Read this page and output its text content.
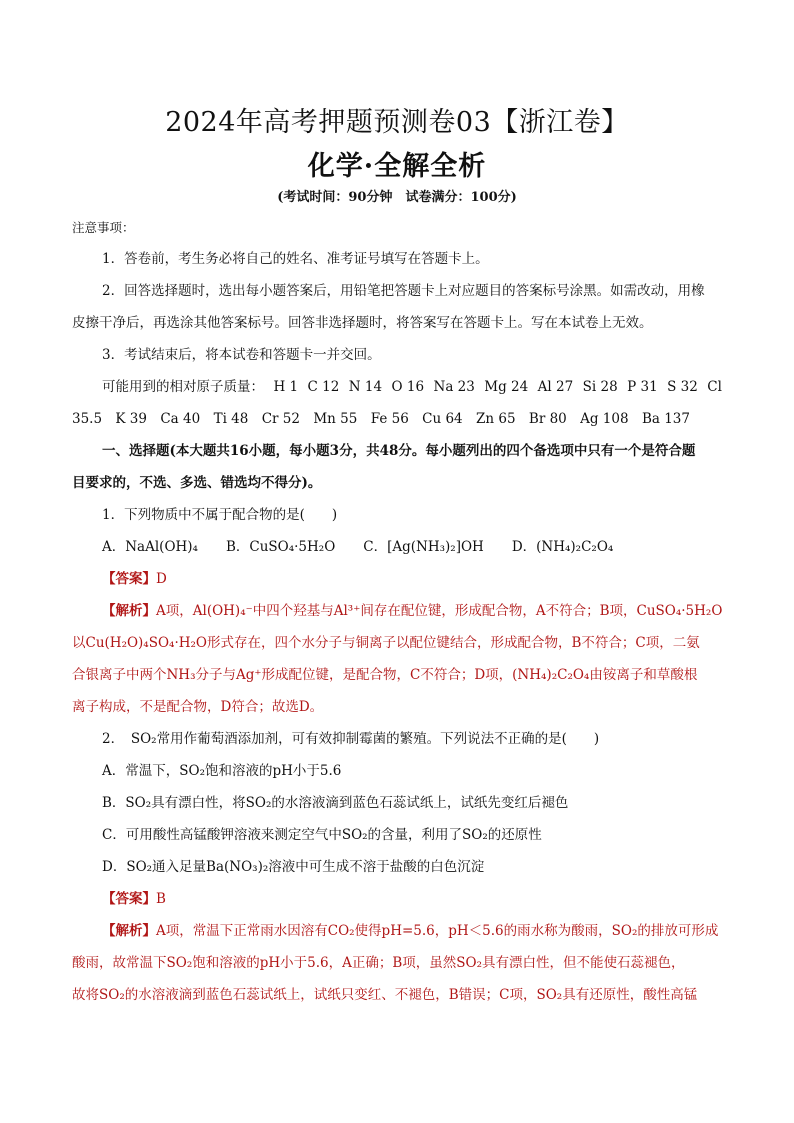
2024年高考押题预测卷03【浙江卷】
化学·全解全析
(考试时间：90分钟　试卷满分：100分)
注意事项：
1．答卷前，考生务必将自己的姓名、准考证号填写在答题卡上。
2．回答选择题时，选出每小题答案后，用铅笔把答题卡上对应题目的答案标号涂黑。如需改动，用橡
皮擦干净后，再选涂其他答案标号。回答非选择题时，将答案写在答题卡上。写在本试卷上无效。
3．考试结束后，将本试卷和答题卡一并交回。
可能用到的相对原子质量： H 1 C 12 N 14 O 16 Na 23 Mg 24 Al 27 Si 28 P 31 S 32 Cl
35.5 K 39 Ca 40 Ti 48 Cr 52 Mn 55 Fe 56 Cu 64 Zn 65 Br 80 Ag 108 Ba 137
一、选择题(本大题共16小题，每小题3分，共48分。每小题列出的四个备选项中只有一个是符合题
目要求的，不选、多选、错选均不得分)。
1．下列物质中不属于配合物的是(　　)
A．NaAl(OH)₄ B．CuSO₄·5H₂O C．[Ag(NH₃)₂]OH D．(NH₄)₂C₂O₄
【答案】D
【解析】A项，Al(OH)₄⁻中四个羟基与Al³⁺间存在配位键，形成配合物，A不符合；B项，CuSO₄·5H₂O
以Cu(H₂O)₄SO₄·H₂O形式存在，四个水分子与铜离子以配位键结合，形成配合物，B不符合；C项，二氨
合银离子中两个NH₃分子与Ag⁺形成配位键，是配合物，C不符合；D项，(NH₄)₂C₂O₄由铵离子和草酸根
离子构成，不是配合物，D符合；故选D。
2．　SO₂常用作葡萄酒添加剂，可有效抑制霉菌的繁殖。下列说法不正确的是(　　)
A．常温下，SO₂饱和溶液的pH小于5.6
B．SO₂具有漂白性，将SO₂的水溶液滴到蓝色石蕊试纸上，试纸先变红后褪色
C．可用酸性高锰酸钾溶液来测定空气中SO₂的含量，利用了SO₂的还原性
D．SO₂通入足量Ba(NO₃)₂溶液中可生成不溶于盐酸的白色沉淀
【答案】B
【解析】A项，常温下正常雨水因溶有CO₂使得pH=5.6，pH＜5.6的雨水称为酸雨，SO₂的排放可形成
酸雨，故常温下SO₂饱和溶液的pH小于5.6，A正确；B项，虽然SO₂具有漂白性，但不能使石蕊褪色，
故将SO₂的水溶液滴到蓝色石蕊试纸上，试纸只变红、不褪色，B错误；C项，SO₂具有还原性，酸性高锰
